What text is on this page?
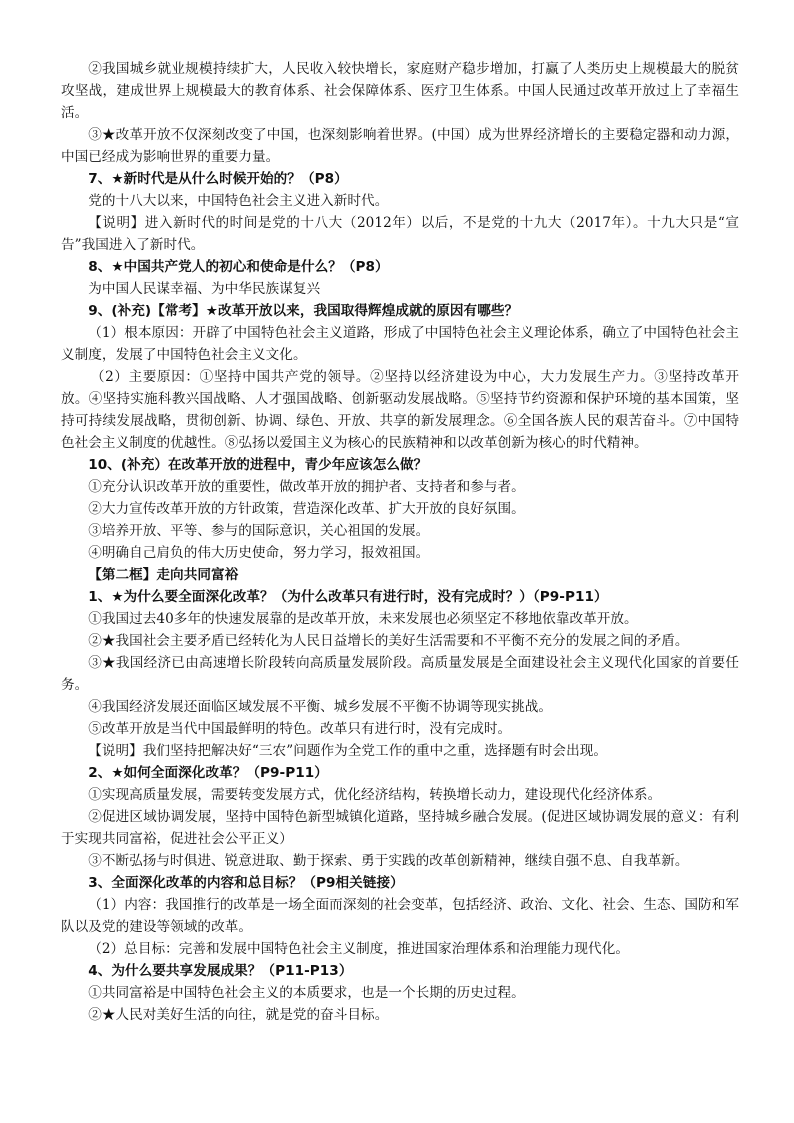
②我国城乡就业规模持续扩大，人民收入较快增长，家庭财产稳步增加，打赢了人类历史上规模最大的脱贫攻坚战，建成世界上规模最大的教育体系、社会保障体系、医疗卫生体系。中国人民通过改革开放过上了幸福生活。

③★改革开放不仅深刻改变了中国，也深刻影响着世界。(中国）成为世界经济增长的主要稳定器和动力源，中国已经成为影响世界的重要力量。

7、★新时代是从什么时候开始的？（P8）

党的十八大以来，中国特色社会主义进入新时代。

【说明】进入新时代的时间是党的十八大（2012年）以后，不是党的十九大（2017年）。十九大只是“宣告”我国进入了新时代。

8、★中国共产党人的初心和使命是什么？（P8）

为中国人民谋幸福、为中华民族谋复兴

9、(补充)【常考】★改革开放以来，我国取得辉煌成就的原因有哪些？

（1）根本原因：开辟了中国特色社会主义道路，形成了中国特色社会主义理论体系，确立了中国特色社会主义制度，发展了中国特色社会主义文化。

（2）主要原因：①坚持中国共产党的领导。②坚持以经济建设为中心，大力发展生产力。③坚持改革开放。④坚持实施科教兴国战略、人才强国战略、创新驱动发展战略。⑤坚持节约资源和保护环境的基本国策，坚持可持续发展战略，贯彻创新、协调、绿色、开放、共享的新发展理念。⑥全国各族人民的艰苦奋斗。⑦中国特色社会主义制度的优越性。⑧弘扬以爱国主义为核心的民族精神和以改革创新为核心的时代精神。

10、(补充）在改革开放的进程中，青少年应该怎么做？

①充分认识改革开放的重要性，做改革开放的拥护者、支持者和参与者。

②大力宣传改革开放的方针政策，营造深化改革、扩大开放的良好氛围。

③培养开放、平等、参与的国际意识，关心祖国的发展。

④明确自己肩负的伟大历史使命，努力学习，报效祖国。

【第二框】走向共同富裕

1、★为什么要全面深化改革？（为什么改革只有进行时，没有完成时？）（P9-P11）

①我国过去40多年的快速发展靠的是改革开放，未来发展也必须坚定不移地依靠改革开放。

②★我国社会主要矛盾已经转化为人民日益增长的美好生活需要和不平衡不充分的发展之间的矛盾。

③★我国经济已由高速增长阶段转向高质量发展阶段。高质量发展是全面建设社会主义现代化国家的首要任务。

④我国经济发展还面临区域发展不平衡、城乡发展不平衡不协调等现实挑战。

⑤改革开放是当代中国最鲜明的特色。改革只有进行时，没有完成时。

【说明】我们坚持把解决好“三农”问题作为全党工作的重中之重，选择题有时会出现。

2、★如何全面深化改革？（P9-P11）

①实现高质量发展，需要转变发展方式，优化经济结构，转换增长动力，建设现代化经济体系。

②促进区域协调发展，坚持中国特色新型城镇化道路，坚持城乡融合发展。(促进区域协调发展的意义：有利于实现共同富裕，促进社会公平正义）

③不断弘扬与时俱进、锐意进取、勤于探索、勇于实践的改革创新精神，继续自强不息、自我革新。

3、全面深化改革的内容和总目标？（P9相关链接）

（1）内容：我国推行的改革是一场全面而深刻的社会变革，包括经济、政治、文化、社会、生态、国防和军队以及党的建设等领域的改革。

（2）总目标：完善和发展中国特色社会主义制度，推进国家治理体系和治理能力现代化。

4、为什么要共享发展成果？（P11-P13）

①共同富裕是中国特色社会主义的本质要求，也是一个长期的历史过程。

②★人民对美好生活的向往，就是党的奋斗目标。
